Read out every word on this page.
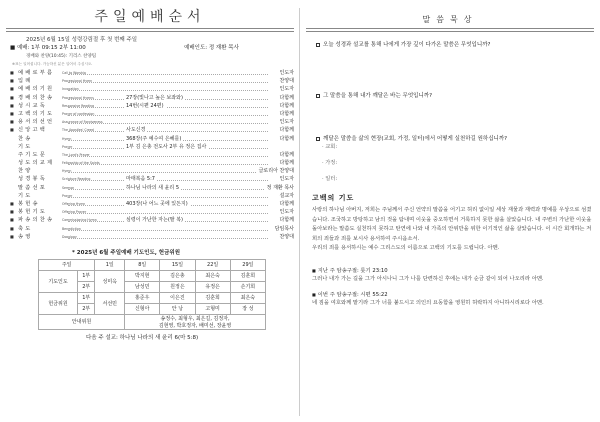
주일예배순서
2025년 6월 15일 성령강림절 후 첫 번째 주일
■ 예배: 1부 09:15 2부 11:00	예배인도: 정 재환 목사
경배와 찬양(10:45): 기리스 찬양팀
※표는 일어섭니다. 가능하신 분은 일어서 주십시오.
■ 예 배 로 부 름	Call to Worship	인도자
■ 입 례	Processional Hymn	찬양대
■ 예 배 의 기 원	Invocation	인도자
■ 경 배 의 찬 송	Processional Hymns	27장(빛나고 높은 보좌와)	다함께
■ 성 시 교 독	Responsive Reading	14번(시편 24편)	다함께
■ 고 백 의 기 도	Prayer of confession	다함께
■ 용 서 의 선 언	Assurance of Forgiveness	인도자
■ 신 앙 고 백	The Apostles' Creed	사도신경	다함께
찬 송	Hymn	368장(주 예수여 은혜를)	다함께
기 도	Prayer	1부 김 은총 전도사 2부 유 정은 집사
주 기 도 문	The Lord's Prayer	다함께
성 도 의 교 제	Fellowship of the Saints	다함께
찬 양	Hymn	글로리아 찬양대
성 경 봉 독	Scripture Reading	마태복음 5:7	인도자
말 씀 선 포	Sermon	하나님 나라의 새 윤리 5	정 재환 목사
기 도	Prayer	설교자
■ 봉 헌 송	Offering Hymn	403장(나 어느 곳에 있든지)	다함께
■ 봉 헌 기 도	Offering Prayer	인도자
■ 파 송 의 찬 송	Commissioning Hymn	심령이 가난한 자는(팔 복)	다함께
■ 축 도	Benediction	담임목사
■ 송 영	Doxology	찬양대
* 2025년 6월 주일예배 기도인도, 헌금위원
주일		1일	8일	15일	22일	29일
기도인도	1부	성미옥	박지현	김은총	최은숙	김훈희
	2부		남성민	원정은	유정은	손기희
헌금위원	1부	서선민	홍준우	이은진	김훈희	최은숙
	2부		신형아	안 낭	고형미	장 성
안내위원			송정수, 최형우, 최은길, 김정자,
김현영, 박호정자, 배미선, 장윤영			
다음 주 설교: 하나님 나라의 새 윤리 6(마 5:8)
말씀묵상
오늘 성경과 설교를 통해 나에게 가장 깊이 다가온 말씀은 무엇입니까?
그 말씀을 통해 내가 깨달은 바는 무엇입니까?
깨달은 말씀을 삶의 현장(교회, 가정, 일터)에서 어떻게 실천하길 원하십니까?
· 교회:
· 가정:
· 일터:
고백의 기도
사랑의 하나님 아버지, 저희는 주님께서 주신 언약의 말씀을 어기고 허리 없이일 세상 재물과 재력과 명예를 우상으로 섬겼습니다. 조국하고 방탕하고 남의 것을 탐내며 이웃을 중오하면서 거룩하지 못한 삶을 살았습니다. 내 주변의 가난한 이웃을 돌아보라는 말씀도 실천하지 못하고 탄연에 나와 내 가족의 안위만을 위한 이기적인 삶을 살았습니다. 이 시간 회개하는 저희의 죄들과 죄를 보시사 용서하여 주시옵소서.
우리의 죄를 용서하시는 예수 그리스도의 이름으로 고백의 기도를 드립니다. 아멘.
■ 지난 주 암송구절: 룻기 23:10
그러나 내가 가는 길을 그가 아시나니 그가 나를 단련하신 후에는 내가 순금 같이 되어 나오리라 아멘.
■ 이번 주 암송구절: 시편 55:22
네 짐을 여호와께 맡기라 그가 너를 붙드시고 의인의 요동함을 영원히 허락하지 아니하시리로다 아멘.
